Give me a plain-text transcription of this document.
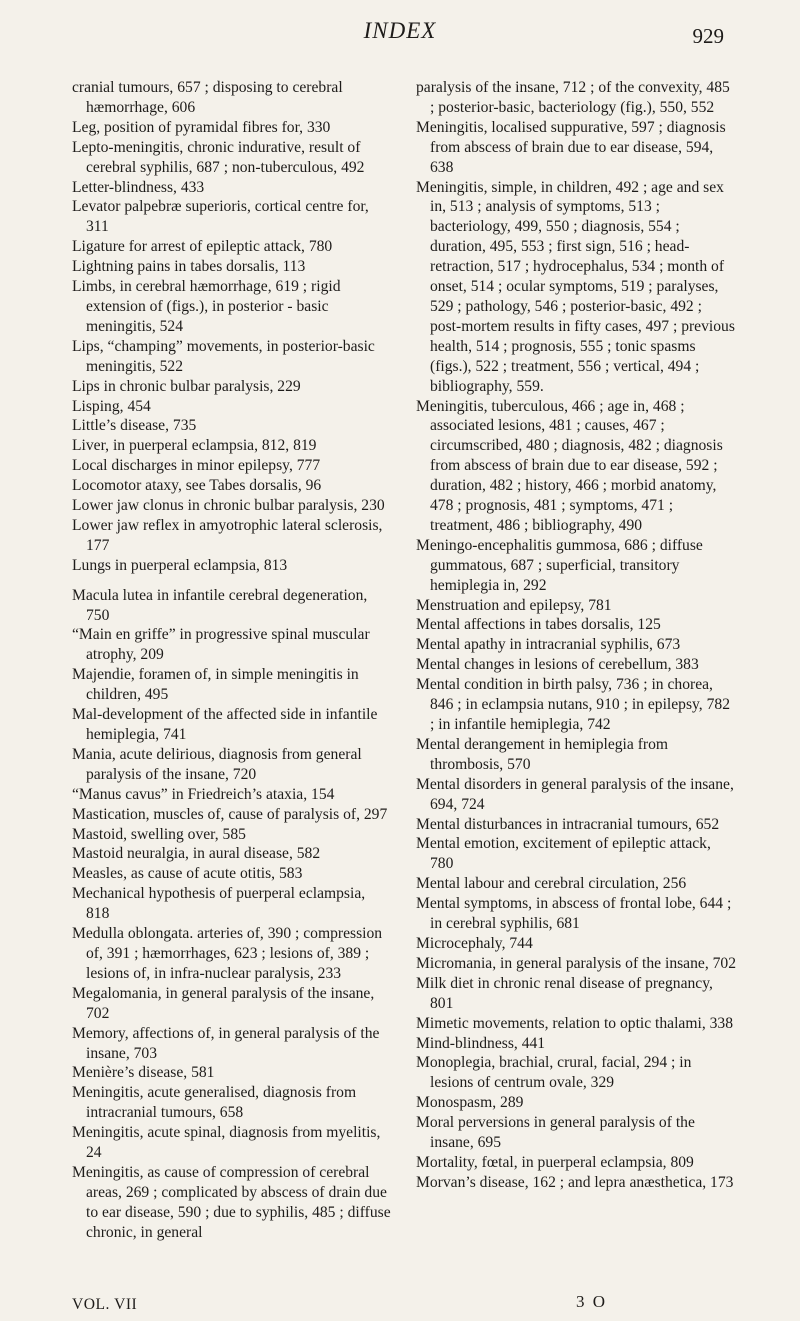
INDEX	929

cranial tumours, 657 ; disposing to cerebral hæmorrhage, 606

Leg, position of pyramidal fibres for, 330

Lepto-meningitis, chronic indurative, result of cerebral syphilis, 687 ; non-tuberculous, 492

Letter-blindness, 433

Levator palpebræ superioris, cortical centre for, 311

Ligature for arrest of epileptic attack, 780

Lightning pains in tabes dorsalis, 113

Limbs, in cerebral hæmorrhage, 619 ; rigid extension of (figs.), in posterior - basic meningitis, 524

Lips, “champing” movements, in posterior-basic meningitis, 522

Lips in chronic bulbar paralysis, 229

Lisping, 454

Little’s disease, 735

Liver, in puerperal eclampsia, 812, 819

Local discharges in minor epilepsy, 777

Locomotor ataxy, see Tabes dorsalis, 96

Lower jaw clonus in chronic bulbar paralysis, 230

Lower jaw reflex in amyotrophic lateral sclerosis, 177

Lungs in puerperal eclampsia, 813

Macula lutea in infantile cerebral degeneration, 750

“Main en griffe” in progressive spinal muscular atrophy, 209

Majendie, foramen of, in simple meningitis in children, 495

Mal-development of the affected side in infantile hemiplegia, 741

Mania, acute delirious, diagnosis from general paralysis of the insane, 720

“Manus cavus” in Friedreich’s ataxia, 154

Mastication, muscles of, cause of paralysis of, 297

Mastoid, swelling over, 585

Mastoid neuralgia, in aural disease, 582

Measles, as cause of acute otitis, 583

Mechanical hypothesis of puerperal eclampsia, 818

Medulla oblongata. arteries of, 390 ; compression of, 391 ; hæmorrhages, 623 ; lesions of, 389 ; lesions of, in infra-nuclear paralysis, 233

Megalomania, in general paralysis of the insane, 702

Memory, affections of, in general paralysis of the insane, 703

Menière’s disease, 581

Meningitis, acute generalised, diagnosis from intracranial tumours, 658

Meningitis, acute spinal, diagnosis from myelitis, 24

Meningitis, as cause of compression of cerebral areas, 269 ; complicated by abscess of drain due to ear disease, 590 ; due to syphilis, 485 ; diffuse chronic, in general

paralysis of the insane, 712 ; of the convexity, 485 ; posterior-basic, bacteriology (fig.), 550, 552

Meningitis, localised suppurative, 597 ; diagnosis from abscess of brain due to ear disease, 594, 638

Meningitis, simple, in children, 492 ; age and sex in, 513 ; analysis of symptoms, 513 ; bacteriology, 499, 550 ; diagnosis, 554 ; duration, 495, 553 ; first sign, 516 ; head-retraction, 517 ; hydrocephalus, 534 ; month of onset, 514 ; ocular symptoms, 519 ; paralyses, 529 ; pathology, 546 ; posterior-basic, 492 ; post-mortem results in fifty cases, 497 ; previous health, 514 ; prognosis, 555 ; tonic spasms (figs.), 522 ; treatment, 556 ; vertical, 494 ; bibliography, 559.

Meningitis, tuberculous, 466 ; age in, 468 ; associated lesions, 481 ; causes, 467 ; circumscribed, 480 ; diagnosis, 482 ; diagnosis from abscess of brain due to ear disease, 592 ; duration, 482 ; history, 466 ; morbid anatomy, 478 ; prognosis, 481 ; symptoms, 471 ; treatment, 486 ; bibliography, 490

Meningo-encephalitis gummosa, 686 ; diffuse gummatous, 687 ; superficial, transitory hemiplegia in, 292

Menstruation and epilepsy, 781

Mental affections in tabes dorsalis, 125

Mental apathy in intracranial syphilis, 673

Mental changes in lesions of cerebellum, 383

Mental condition in birth palsy, 736 ; in chorea, 846 ; in eclampsia nutans, 910 ; in epilepsy, 782 ; in infantile hemiplegia, 742

Mental derangement in hemiplegia from thrombosis, 570

Mental disorders in general paralysis of the insane, 694, 724

Mental disturbances in intracranial tumours, 652

Mental emotion, excitement of epileptic attack, 780

Mental labour and cerebral circulation, 256

Mental symptoms, in abscess of frontal lobe, 644 ; in cerebral syphilis, 681

Microcephaly, 744

Micromania, in general paralysis of the insane, 702

Milk diet in chronic renal disease of pregnancy, 801

Mimetic movements, relation to optic thalami, 338

Mind-blindness, 441

Monoplegia, brachial, crural, facial, 294 ; in lesions of centrum ovale, 329

Monospasm, 289

Moral perversions in general paralysis of the insane, 695

Mortality, fœtal, in puerperal eclampsia, 809

Morvan’s disease, 162 ; and lepra anæsthetica, 173

VOL. VII	3 O
